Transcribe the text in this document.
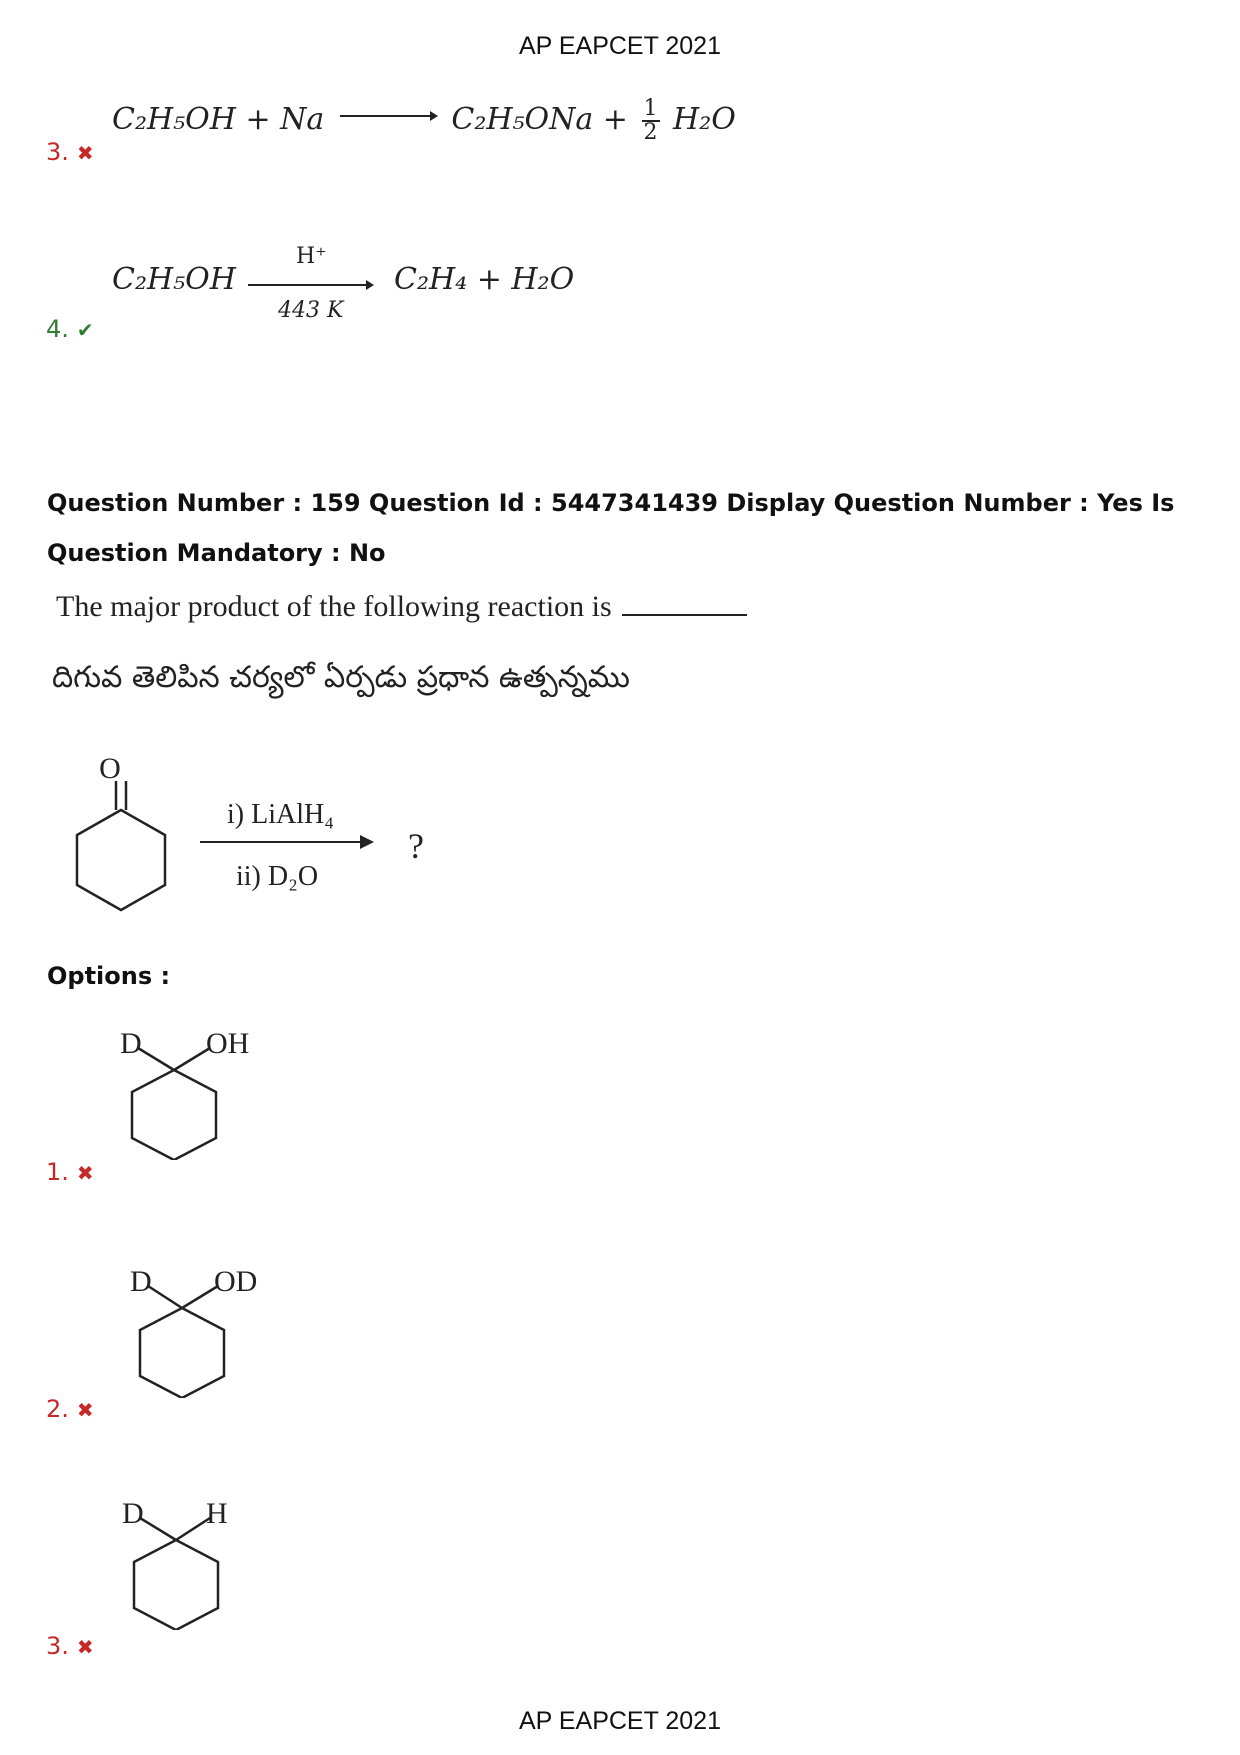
AP EAPCET 2021
$C_2H_5OH + Na \to C_2H_5ONa + \frac{1}{2} H_2O$
3. ✖
C₂H₅OH
H⁺
443 K
C₂H₄ + H₂O
4. ✔
Question Number : 159 Question Id : 5447341439 Display Question Number : Yes Is Question Mandatory : No
The major product of the following reaction is
దిగువ తెలిపిన చర్యలో ఏర్పడు ప్రధాన ఉత్పన్నము
O
i) LiAlH₄
ii) D₂O
?
Options :
D OH
1. ✖
D OD
2. ✖
D H
3. ✖
AP EAPCET 2021
